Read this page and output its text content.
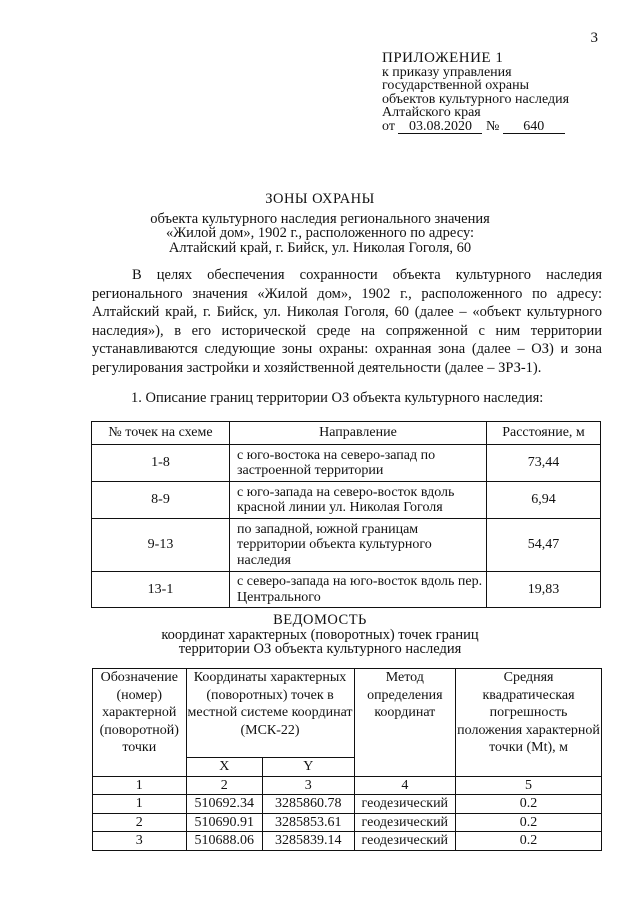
3
ПРИЛОЖЕНИЕ 1
к приказу управления
государственной охраны
объектов культурного наследия
Алтайского края
от 03.08.2020 № 640
ЗОНЫ ОХРАНЫ
объекта культурного наследия регионального значения
«Жилой дом», 1902 г., расположенного по адресу:
Алтайский край, г. Бийск, ул. Николая Гоголя, 60

В целях обеспечения сохранности объекта культурного наследия регионального значения «Жилой дом», 1902 г., расположенного по адресу: Алтайский край, г. Бийск, ул. Николая Гоголя, 60 (далее – «объект культурного наследия»), в его исторической среде на сопряженной с ним территории устанавливаются следующие зоны охраны: охранная зона (далее – ОЗ) и зона регулирования застройки и хозяйственной деятельности (далее – ЗРЗ-1).

1. Описание границ территории ОЗ объекта культурного наследия:
№ точек на схеме	Направление	Расстояние, м
1-8	с юго-востока на северо-запад по застроенной территории	73,44
8-9	с юго-запада на северо-восток вдоль красной линии ул. Николая Гоголя	6,94
9-13	по западной, южной границам территории объекта культурного наследия	54,47
13-1	с северо-запада на юго-восток вдоль пер. Центрального	19,83
ВЕДОМОСТЬ
координат характерных (поворотных) точек границ
территории ОЗ объекта культурного наследия
Обозначение (номер) характерной (поворотной) точки	Координаты характерных (поворотных) точек в местной системе координат (МСК-22)		Метод определения координат	Средняя квадратическая погрешность положения характерной точки (Mt), м
	X	Y		
1	2	3	4	5
1	510692.34	3285860.78	геодезический	0.2
2	510690.91	3285853.61	геодезический	0.2
3	510688.06	3285839.14	геодезический	0.2
